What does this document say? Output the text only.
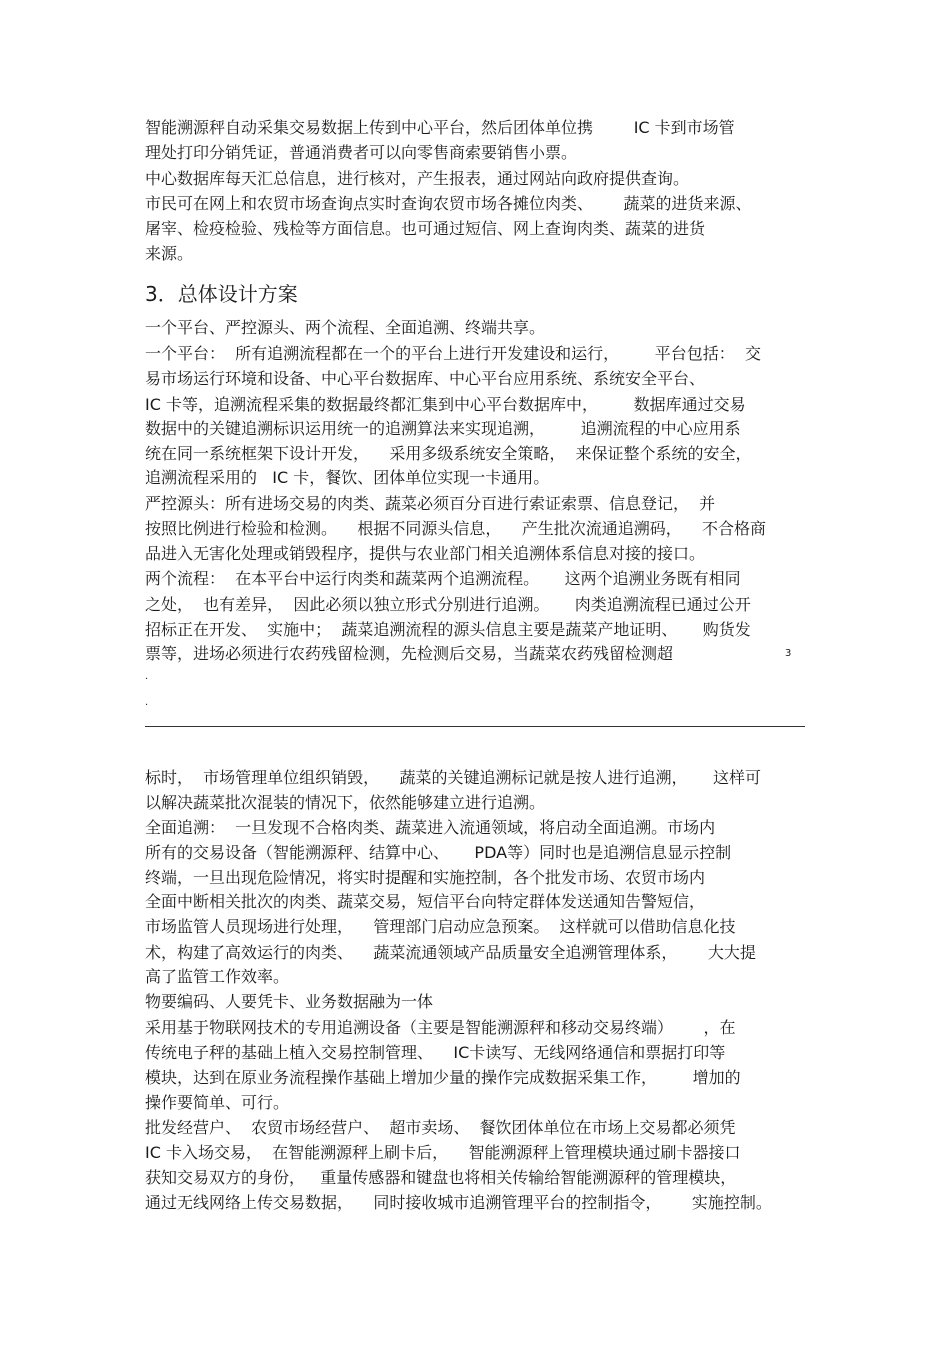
智能溯源秤自动采集交易数据上传到中心平台，然后团体单位携        IC 卡到市场管
理处打印分销凭证，普通消费者可以向零售商索要销售小票。
中心数据库每天汇总信息，进行核对，产生报表，通过网站向政府提供查询。
市民可在网上和农贸市场查询点实时查询农贸市场各摊位肉类、      蔬菜的进货来源、
屠宰、检疫检验、残检等方面信息。也可通过短信、网上查询肉类、蔬菜的进货
来源。
3．总体设计方案
一个平台、严控源头、两个流程、全面追溯、终端共享。
一个平台：  所有追溯流程都在一个的平台上进行开发建设和运行，       平台包括：  交
易市场运行环境和设备、中心平台数据库、中心平台应用系统、系统安全平台、
IC 卡等，追溯流程采集的数据最终都汇集到中心平台数据库中，       数据库通过交易
数据中的关键追溯标识运用统一的追溯算法来实现追溯，       追溯流程的中心应用系
统在同一系统框架下设计开发，    采用多级系统安全策略，  来保证整个系统的安全，
追溯流程采用的   IC 卡，餐饮、团体单位实现一卡通用。
严控源头：所有进场交易的肉类、蔬菜必须百分百进行索证索票、信息登记，  并
按照比例进行检验和检测。    根据不同源头信息，    产生批次流通追溯码，    不合格商
品进入无害化处理或销毁程序，提供与农业部门相关追溯体系信息对接的接口。
两个流程：  在本平台中运行肉类和蔬菜两个追溯流程。     这两个追溯业务既有相同
之处，  也有差异，  因此必须以独立形式分别进行追溯。     肉类追溯流程已通过公开
招标正在开发、  实施中；  蔬菜追溯流程的源头信息主要是蔬菜产地证明、     购货发
票等，进场必须进行农药残留检测，先检测后交易，当蔬菜农药残留检测超	3
.
.
标时，  市场管理单位组织销毁，    蔬菜的关键追溯标记就是按人进行追溯，     这样可
以解决蔬菜批次混装的情况下，依然能够建立进行追溯。
全面追溯：  一旦发现不合格肉类、蔬菜进入流通领域，将启动全面追溯。市场内
所有的交易设备（智能溯源秤、结算中心、     PDA等）同时也是追溯信息显示控制
终端，一旦出现危险情况，将实时提醒和实施控制，各个批发市场、农贸市场内
全面中断相关批次的肉类、蔬菜交易，短信平台向特定群体发送通知告警短信，
市场监管人员现场进行处理，    管理部门启动应急预案。  这样就可以借助信息化技
术，构建了高效运行的肉类、    蔬菜流通领域产品质量安全追溯管理体系，      大大提
高了监管工作效率。
物要编码、人要凭卡、业务数据融为一体
采用基于物联网技术的专用追溯设备（主要是智能溯源秤和移动交易终端）      ，在
传统电子秤的基础上植入交易控制管理、    IC卡读写、无线网络通信和票据打印等
模块，达到在原业务流程操作基础上增加少量的操作完成数据采集工作，       增加的
操作要简单、可行。
批发经营户、  农贸市场经营户、  超市卖场、  餐饮团体单位在市场上交易都必须凭
IC 卡入场交易，  在智能溯源秤上刷卡后，    智能溯源秤上管理模块通过刷卡器接口
获知交易双方的身份，   重量传感器和键盘也将相关传输给智能溯源秤的管理模块，
通过无线网络上传交易数据，    同时接收城市追溯管理平台的控制指令，      实施控制。
